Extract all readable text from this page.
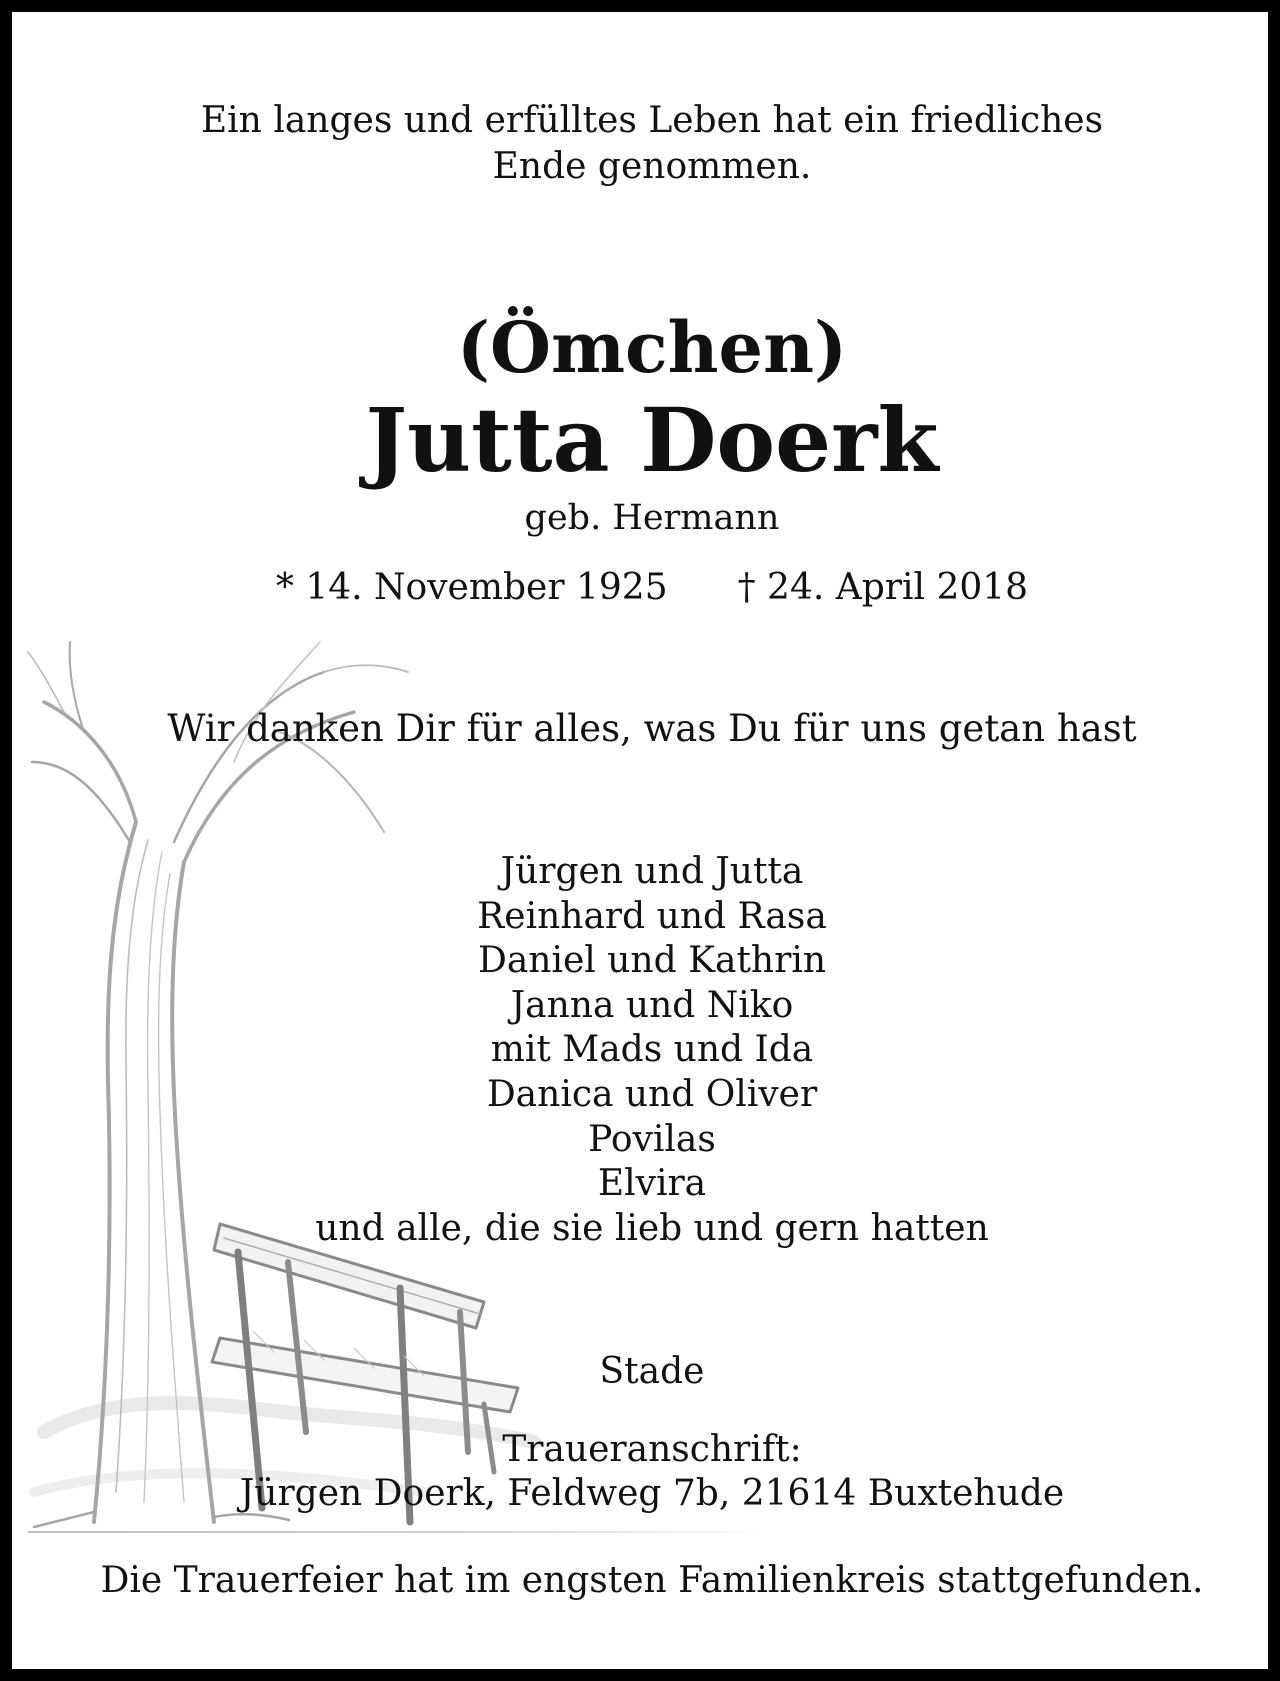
Ein langes und erfülltes Leben hat ein friedliches
Ende genommen.
(Ömchen)
Jutta Doerk
geb. Hermann
* 14. November 1925 † 24. April 2018
Wir danken Dir für alles, was Du für uns getan hast
Jürgen und Jutta
Reinhard und Rasa
Daniel und Kathrin
Janna und Niko
mit Mads und Ida
Danica und Oliver
Povilas
Elvira
und alle, die sie lieb und gern hatten
Stade
Traueranschrift:
Jürgen Doerk, Feldweg 7b, 21614 Buxtehude
Die Trauerfeier hat im engsten Familienkreis stattgefunden.
